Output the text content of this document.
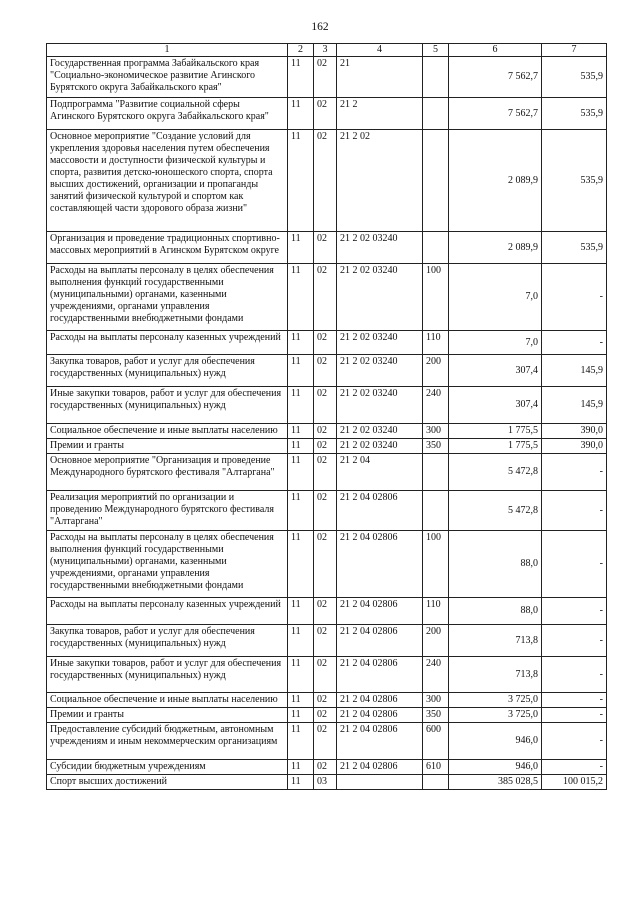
162
1	2	3	4	5	6	7
Государственная программа Забайкальского края "Социально-экономическое развитие Агинского Бурятского округа Забайкальского края"	11	02	21		7 562,7	535,9
Подпрограмма "Развитие социальной сферы Агинского Бурятского округа Забайкальского края"	11	02	21 2		7 562,7	535,9
Основное мероприятие "Создание условий для укрепления здоровья населения путем обеспечения массовости и доступности физической культуры и спорта, развития детско-юношеского спорта, спорта высших достижений, организации и пропаганды занятий физической культурой и спортом как составляющей части здорового образа жизни"	11	02	21 2 02		2 089,9	535,9
Организация и проведение традиционных спортивно-массовых мероприятий в Агинском Бурятском округе	11	02	21 2 02 03240		2 089,9	535,9
Расходы на выплаты персоналу в целях обеспечения выполнения функций государственными (муниципальными) органами, казенными учреждениями, органами управления государственными внебюджетными фондами	11	02	21 2 02 03240	100	7,0	-
Расходы на выплаты персоналу казенных учреждений	11	02	21 2 02 03240	110	7,0	-
Закупка товаров, работ и услуг для обеспечения государственных (муниципальных) нужд	11	02	21 2 02 03240	200	307,4	145,9
Иные закупки товаров, работ и услуг для обеспечения государственных (муниципальных) нужд	11	02	21 2 02 03240	240	307,4	145,9
Социальное обеспечение и иные выплаты населению	11	02	21 2 02 03240	300	1 775,5	390,0
Премии и гранты	11	02	21 2 02 03240	350	1 775,5	390,0
Основное мероприятие "Организация и проведение Международного бурятского фестиваля "Алтаргана"	11	02	21 2 04		5 472,8	-
Реализация мероприятий по организации и проведению Международного бурятского фестиваля "Алтаргана"	11	02	21 2 04 02806		5 472,8	-
Расходы на выплаты персоналу в целях обеспечения выполнения функций государственными (муниципальными) органами, казенными учреждениями, органами управления государственными внебюджетными фондами	11	02	21 2 04 02806	100	88,0	-
Расходы на выплаты персоналу казенных учреждений	11	02	21 2 04 02806	110	88,0	-
Закупка товаров, работ и услуг для обеспечения государственных (муниципальных) нужд	11	02	21 2 04 02806	200	713,8	-
Иные закупки товаров, работ и услуг для обеспечения государственных (муниципальных) нужд	11	02	21 2 04 02806	240	713,8	-
Социальное обеспечение и иные выплаты населению	11	02	21 2 04 02806	300	3 725,0	-
Премии и гранты	11	02	21 2 04 02806	350	3 725,0	-
Предоставление субсидий бюджетным, автономным учреждениям и иным некоммерческим организациям	11	02	21 2 04 02806	600	946,0	-
Субсидии бюджетным учреждениям	11	02	21 2 04 02806	610	946,0	-
Спорт высших достижений	11	03			385 028,5	100 015,2
